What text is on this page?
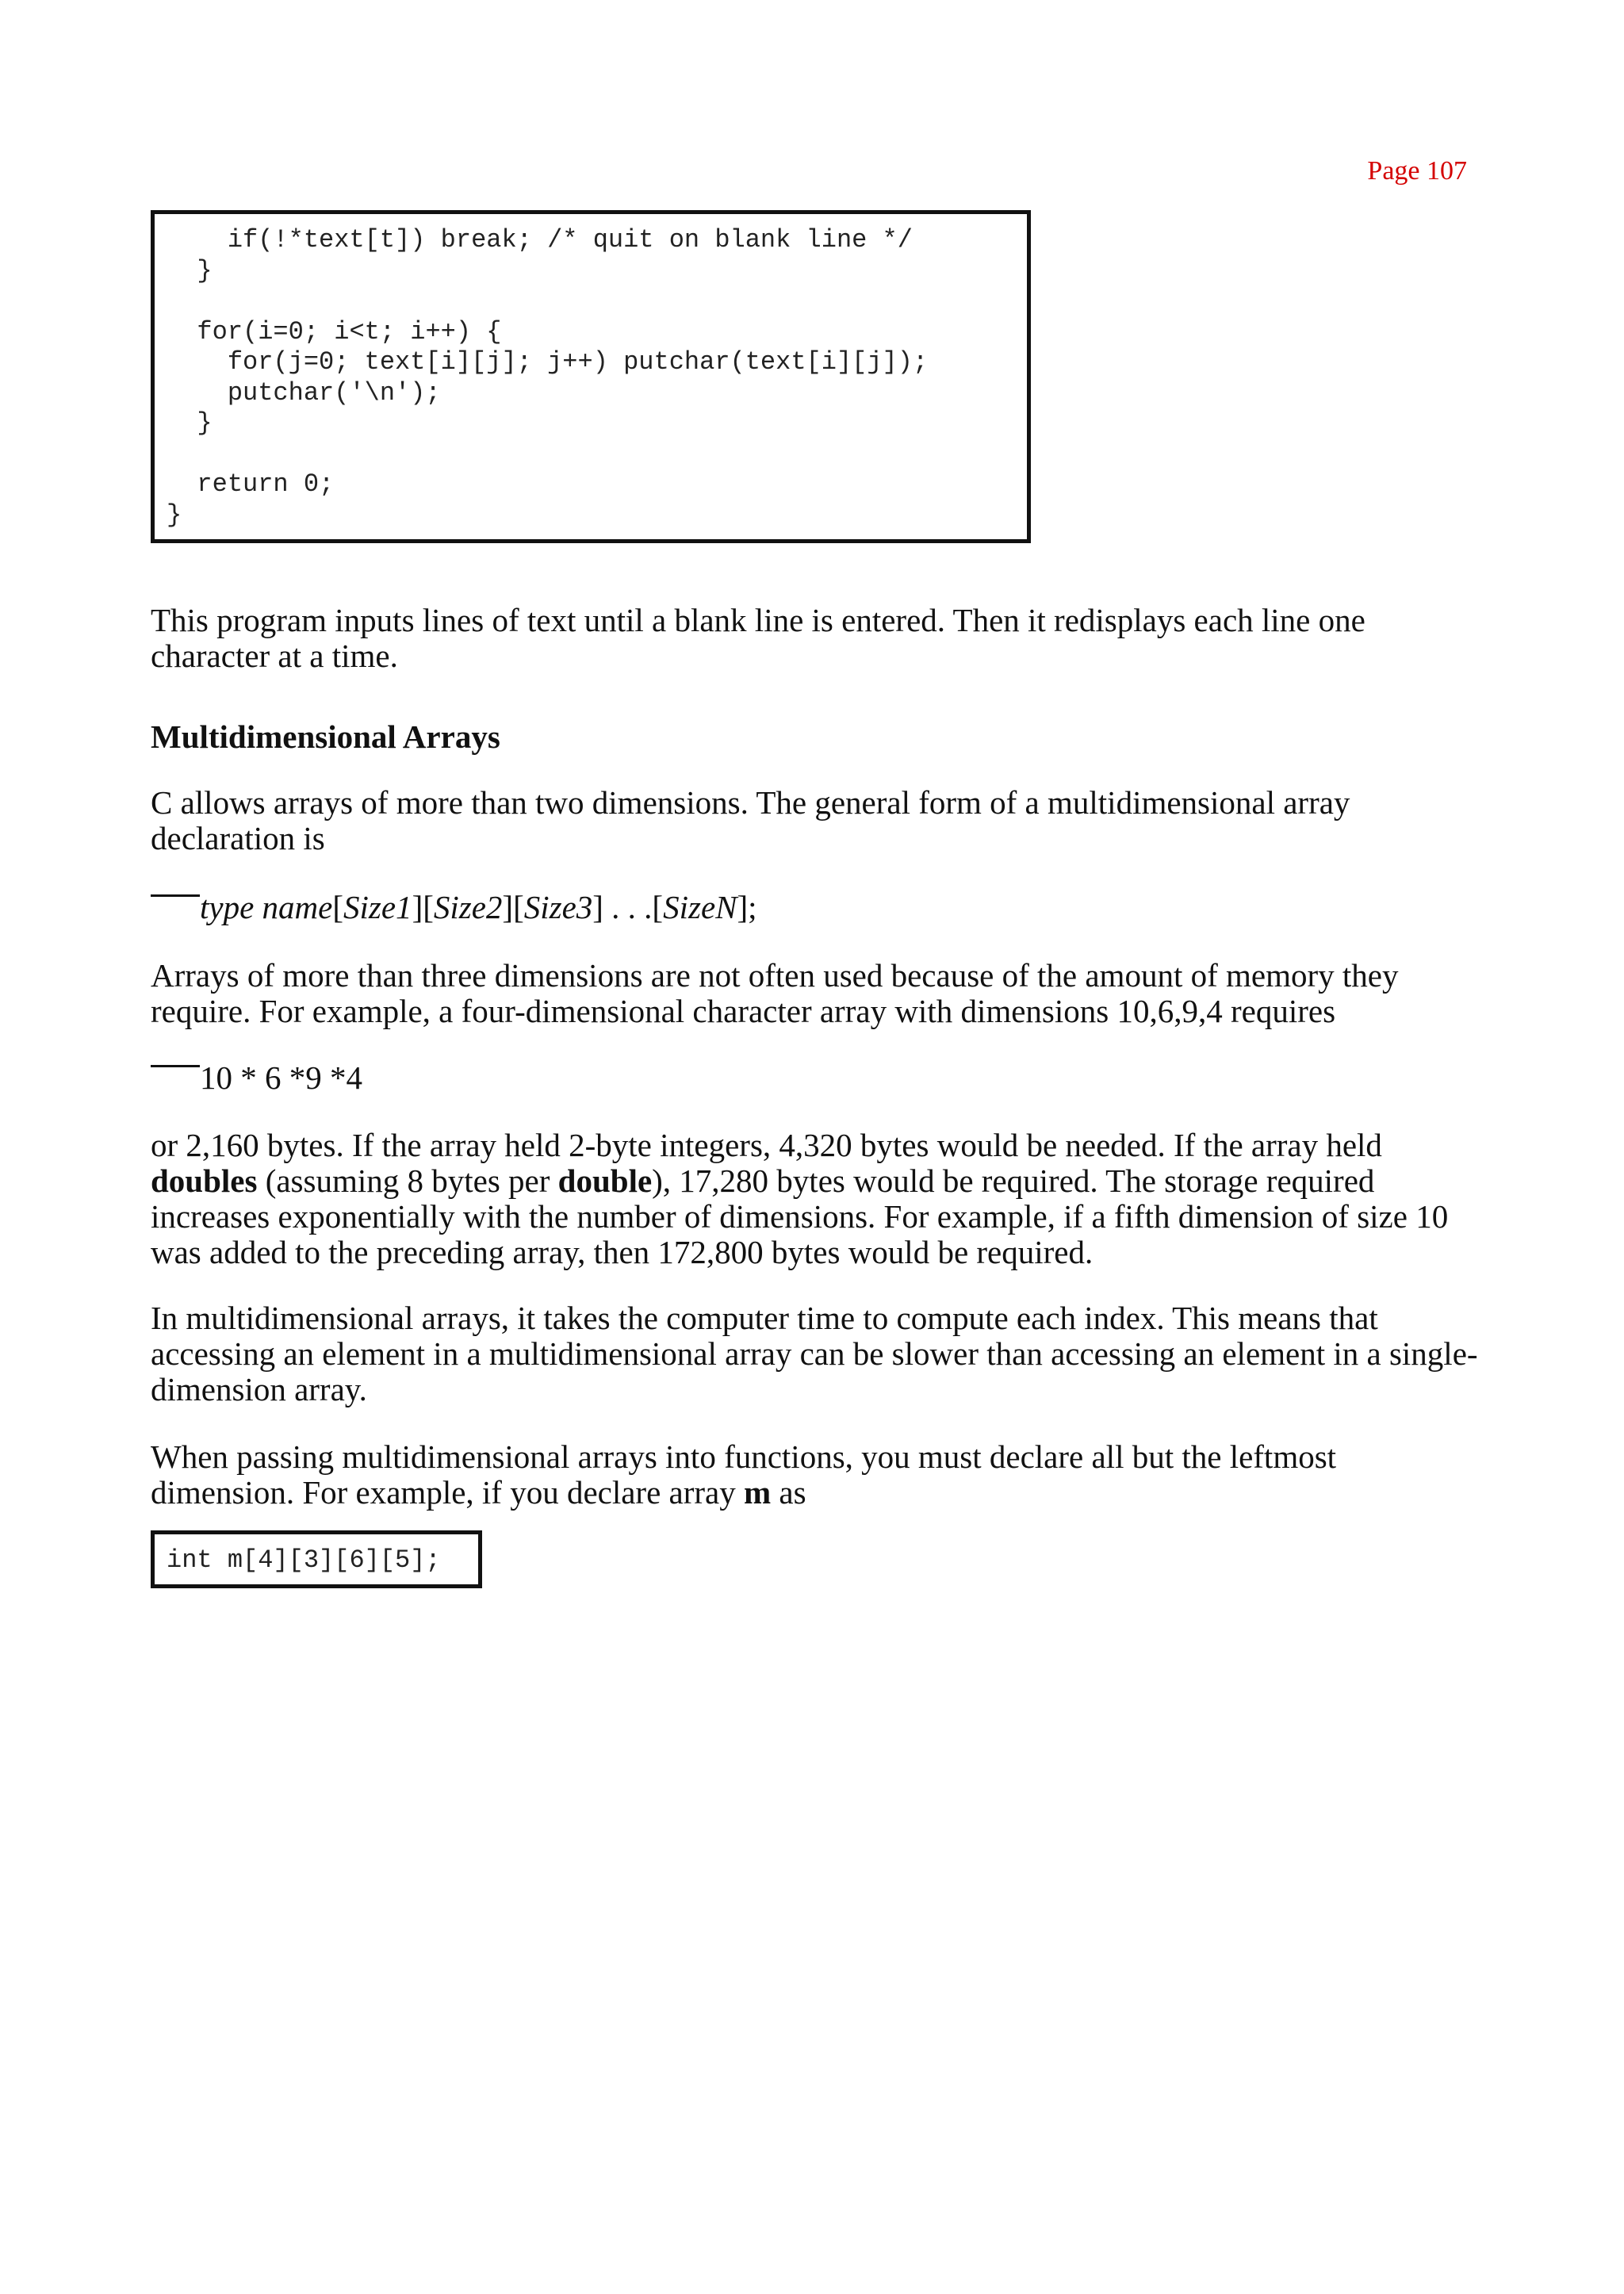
Page 107
if(!*text[t]) break; /* quit on blank line */
}

for(i=0; i<t; i++) {
for(j=0; text[i][j]; j++) putchar(text[i][j]);
putchar('\n');
}

return 0;
}

This program inputs lines of text until a blank line is entered. Then it redisplays each line one character at a time.

Multidimensional Arrays

C allows arrays of more than two dimensions. The general form of a multidimensional array declaration is

type name[Size1][Size2][Size3] . . .[SizeN];

Arrays of more than three dimensions are not often used because of the amount of memory they require. For example, a four-dimensional character array with dimensions 10,6,9,4 requires

10 * 6 *9 *4

or 2,160 bytes. If the array held 2-byte integers, 4,320 bytes would be needed. If the array held doubles (assuming 8 bytes per double), 17,280 bytes would be required. The storage required increases exponentially with the number of dimensions. For example, if a fifth dimension of size 10 was added to the preceding array, then 172,800 bytes would be required.

In multidimensional arrays, it takes the computer time to compute each index. This means that accessing an element in a multidimensional array can be slower than accessing an element in a single-dimension array.

When passing multidimensional arrays into functions, you must declare all but the leftmost dimension. For example, if you declare array m as

int m[4][3][6][5];
